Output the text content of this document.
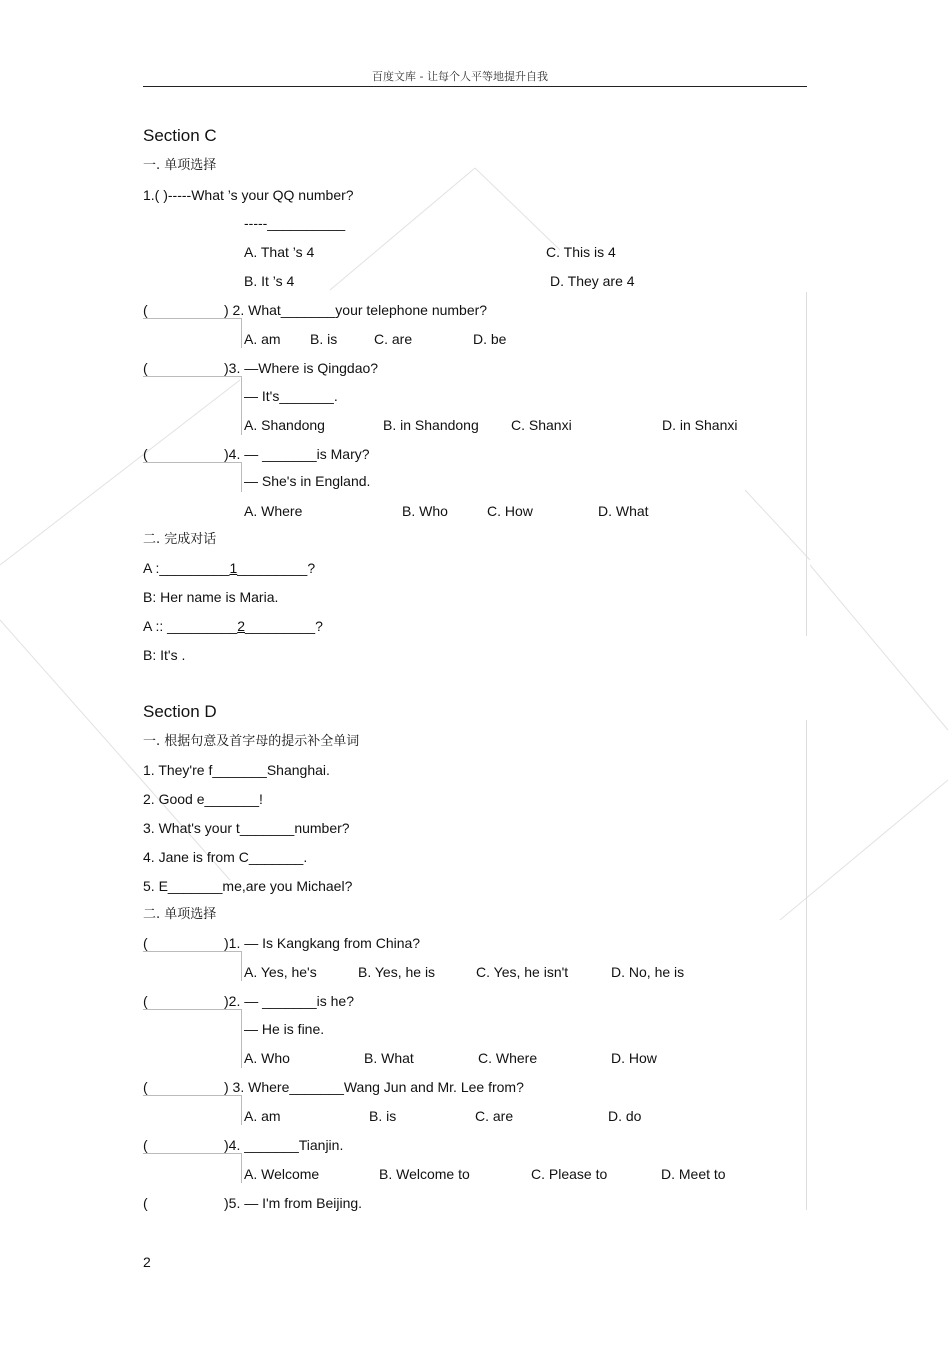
百度文库 - 让每个人平等地提升自我
Section C
一. 单项选择
1.( )-----What ’s your QQ number?
-----__________
A. That ’s 4	C. This is 4
B. It ’s 4	D. They are 4
(	) 2. What_______your telephone number?
A. am B. is	C. are	D. be
(	)3. —Where is Qingdao?
— It's_______.
A. Shandong	B. in Shandong C. Shanxi	D. in Shanxi
(	)4. — _______is Mary?
— She's in England.
A. Where	B. Who	C. How	D. What
二. 完成对话
A :_________1_________?
B: Her name is Maria.
A :: _________2_________?
B: It's .
Section D
一. 根据句意及首字母的提示补全单词
1. They're f_______Shanghai.
2. Good e_______!
3. What's your t_______number?
4. Jane is from C_______.
5. E_______me,are you Michael?
二. 单项选择
(	)1. — Is Kangkang from China?
A. Yes, he's	B. Yes, he is	C. Yes, he isn't	D. No, he is
(	)2. — _______is he?
— He is fine.
A. Who	B. What	C. Where	D. How
(	) 3. Where_______Wang Jun and Mr. Lee from?
A. am	B. is	C. are	D. do
(	)4. _______Tianjin.
A. Welcome	B. Welcome to	C. Please to	D. Meet to
(	)5. — I'm from Beijing.
2
